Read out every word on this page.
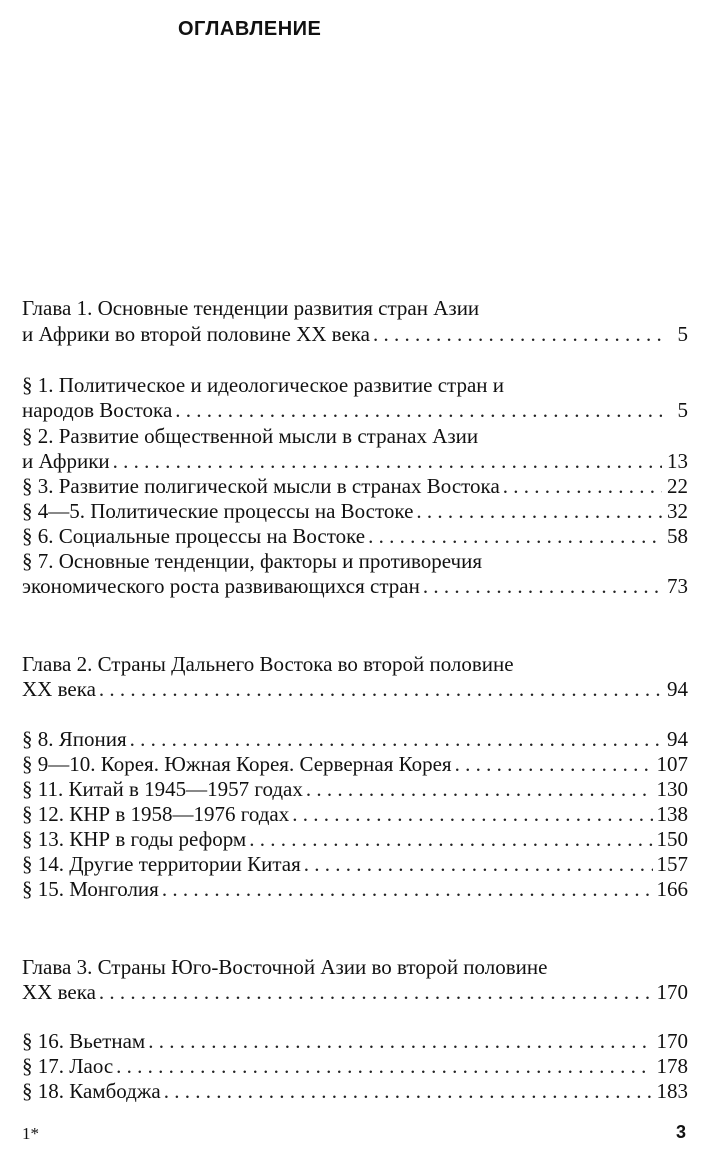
ОГЛАВЛЕНИЕ
Глава 1. Основные тенденции развития стран Азии
и Африки во второй половине XX века . . .	5
§ 1. Политическое и идеологическое развитие стран и
народов Востока . . .	5
§ 2. Развитие общественной мысли в странах Азии
и Африки . . .	13
§ 3. Развитие полигической мысли в странах Востока . . .	22
§ 4—5. Политические процессы на Востоке . . .	32
§ 6. Социальные процессы на Востоке . . .	58
§ 7. Основные тенденции, факторы и противоречия
экономического роста развивающихся стран . . .	73
Глава 2. Страны Дальнего Востока во второй половине
XX века . . .	94
§ 8. Япония . . .	94
§ 9—10. Корея. Южная Корея. Серверная Корея . . .	107
§ 11. Китай в 1945—1957 годах . . .	130
§ 12. КНР в 1958—1976 годах . . .	138
§ 13. КНР в годы реформ . . .	150
§ 14. Другие территории Китая . . .	157
§ 15. Монголия . . .	166
Глава 3. Страны Юго-Восточной Азии во второй половине
XX века . . .	170
§ 16. Вьетнам . . .	170
§ 17. Лаос . . .	178
§ 18. Камбоджа . . .	183
1*	3
